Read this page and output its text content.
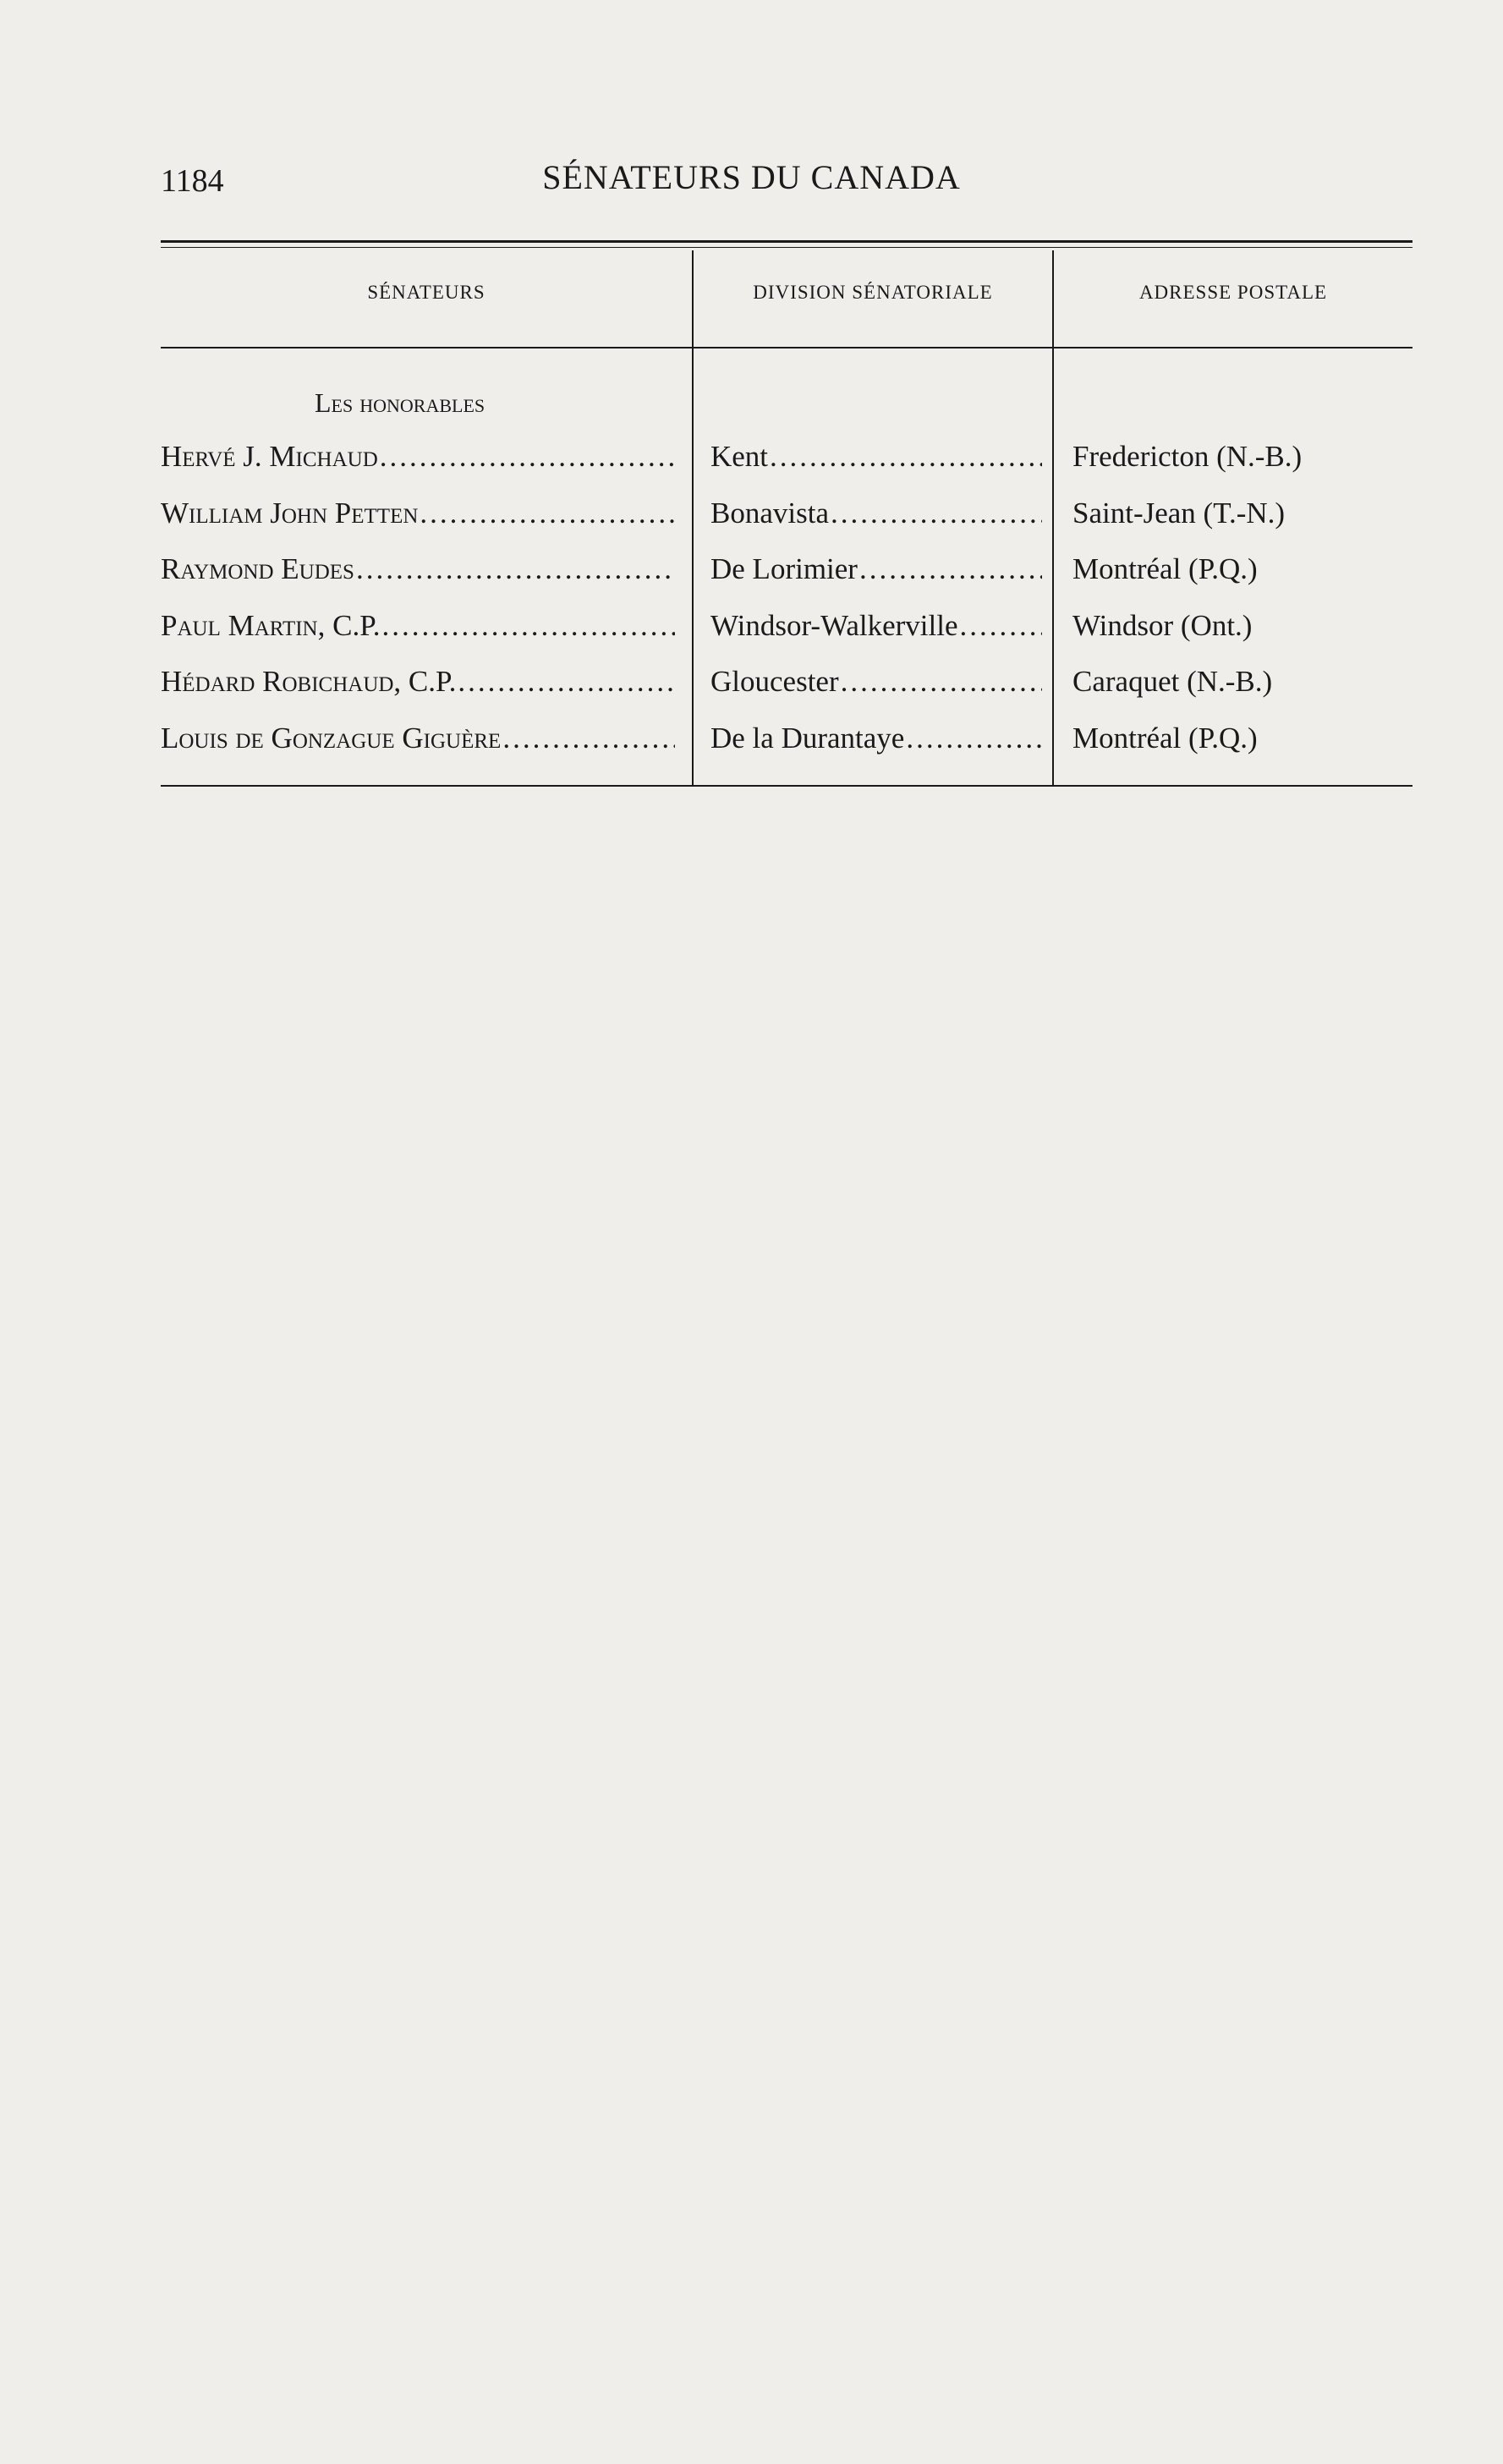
1184	SÉNATEURS DU CANADA
SÉNATEURS	DIVISION SÉNATORIALE	ADRESSE POSTALE
Les honorables
Hervé J. Michaud .....	Kent .....	Fredericton (N.-B.)
William John Petten .....	Bonavista .....	Saint-Jean (T.-N.)
Raymond Eudes .....	De Lorimier .....	Montréal (P.Q.)
Paul Martin, C.P. .....	Windsor-Walkerville .....	Windsor (Ont.)
Hédard Robichaud, C.P. .....	Gloucester .....	Caraquet (N.-B.)
Louis de Gonzague Giguère .....	De la Durantaye .....	Montréal (P.Q.)
